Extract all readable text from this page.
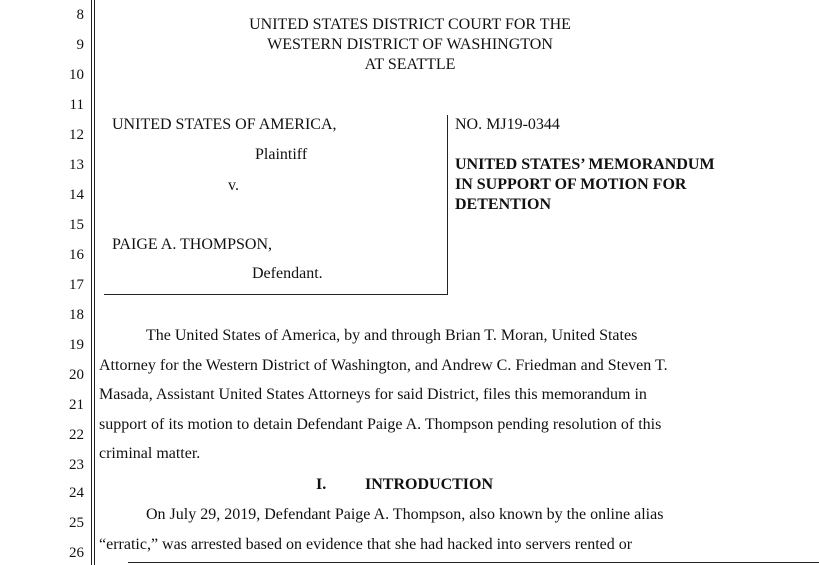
8
9
10
11
12
13
14
15
16
17
18
19
20
21
22
23
24
25
26
UNITED STATES DISTRICT COURT FOR THE
WESTERN DISTRICT OF WASHINGTON
AT SEATTLE
UNITED STATES OF AMERICA,
Plaintiff
v.
PAIGE A. THOMPSON,
Defendant.
NO. MJ19-0344
UNITED STATES’ MEMORANDUM
IN SUPPORT OF MOTION FOR
DETENTION
The United States of America, by and through Brian T. Moran, United States
Attorney for the Western District of Washington, and Andrew C. Friedman and Steven T.
Masada, Assistant United States Attorneys for said District, files this memorandum in
support of its motion to detain Defendant Paige A. Thompson pending resolution of this
criminal matter.
I. INTRODUCTION
On July 29, 2019, Defendant Paige A. Thompson, also known by the online alias
“erratic,” was arrested based on evidence that she had hacked into servers rented or
